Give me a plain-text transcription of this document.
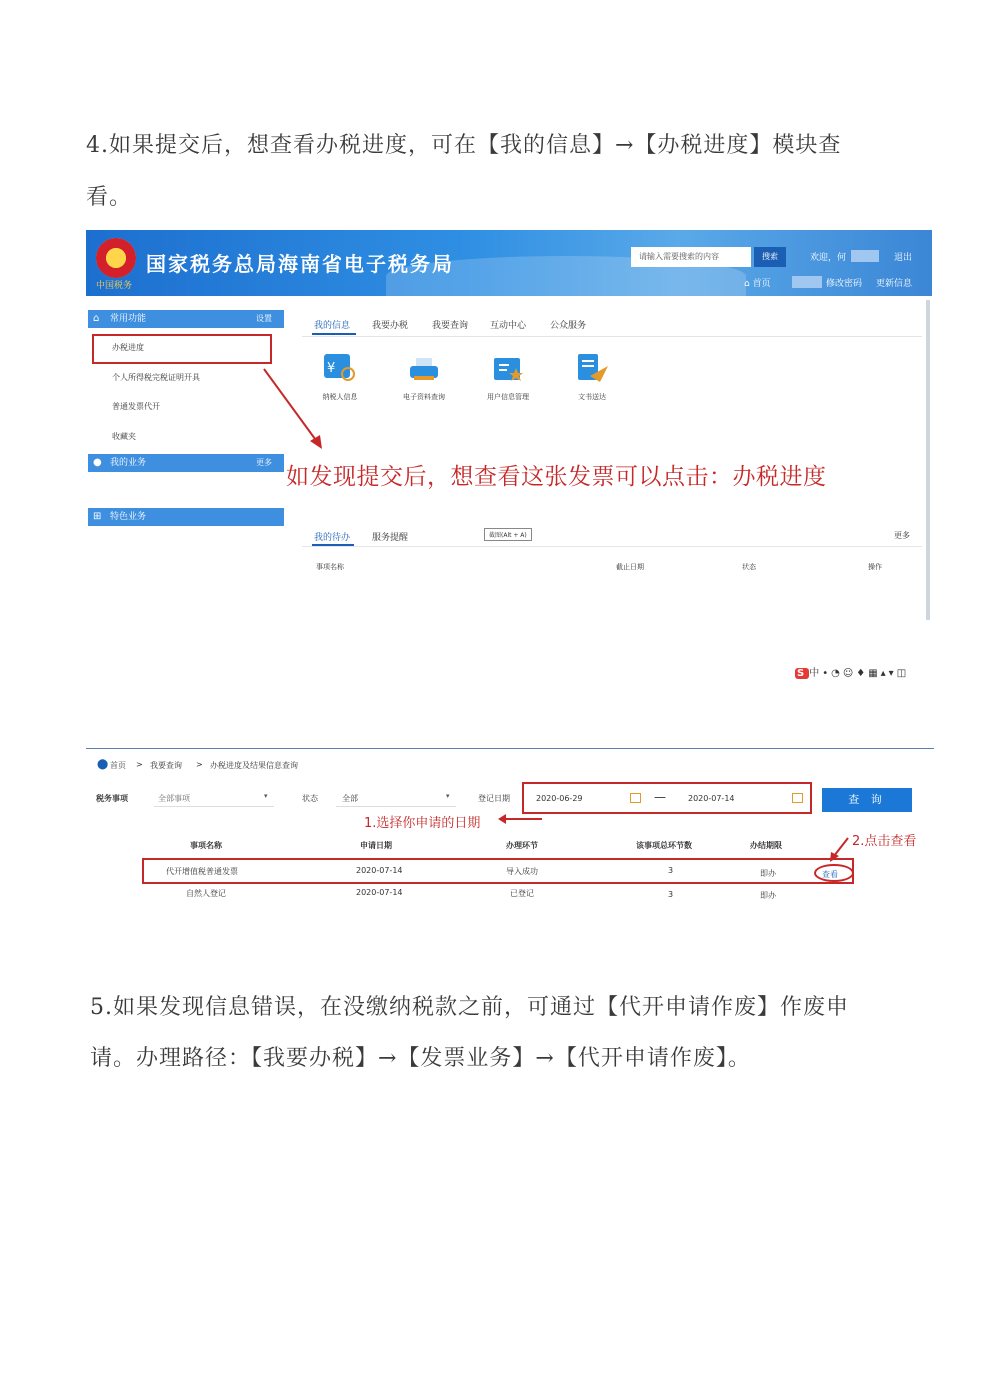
4.如果提交后，想查看办税进度，可在【我的信息】→【办税进度】模块查

看。

中国税务
国家税务总局海南省电子税务局	请输入需要搜索的内容	搜索	欢迎，何	退出
⌂ 首页	修改密码 更新信息
⌂ 常用功能	设置
办税进度
个人所得税完税证明开具
普通发票代开
收藏夹
● 我的业务	更多
⊞ 特色业务
我的信息 我要办税	我要查询 互动中心	公众服务
¥
纳税人信息	电子资料查询	用户信息管理	文书送达
如发现提交后，想查看这张发票可以点击：办税进度
我的待办 服务提醒	截图(Alt + A)	更多
事项名称	截止日期	状态	操作
S 中•◔☺♦▦▴▾◫
⬤ 首页 > 我要查询 > 办税进度及结果信息查询
税务事项	全部事项	▾	状态	全部	▾	登记日期	2020-06-29	—	2020-07-14	查 询
1.选择你申请的日期
2.点击查看
事项名称	申请日期	办理环节	该事项总环节数	办结期限
代开增值税普通发票	2020-07-14	导入成功	3	即办	查看
自然人登记	2020-07-14	已登记	3	即办

5.如果发现信息错误，在没缴纳税款之前，可通过【代开申请作废】作废申

请。办理路径：【我要办税】→【发票业务】→【代开申请作废】。
